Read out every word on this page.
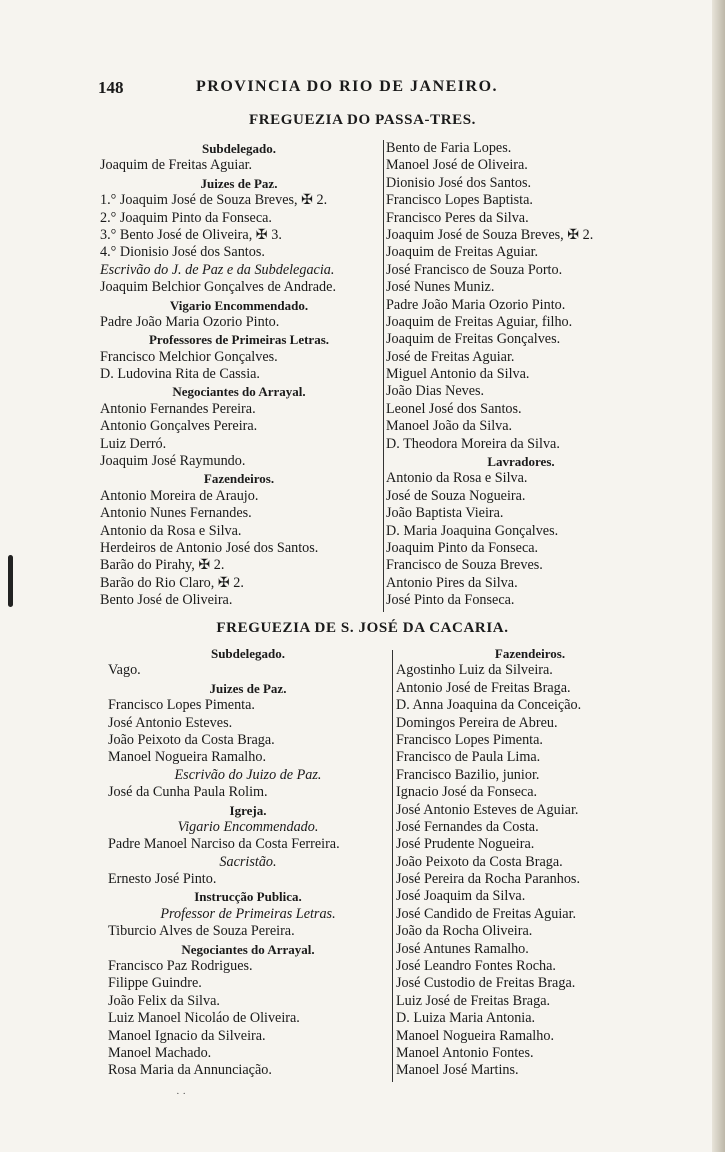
148	PROVINCIA DO RIO DE JANEIRO.
FREGUEZIA DO PASSA-TRES.
Subdelegado.
Joaquim de Freitas Aguiar.
Juizes de Paz.
1.° Joaquim José de Souza Breves, ✠ 2.
2.° Joaquim Pinto da Fonseca.
3.° Bento José de Oliveira, ✠ 3.
4.° Dionisio José dos Santos.
Escrivão do J. de Paz e da Subdelegacia.
Joaquim Belchior Gonçalves de Andrade.
Vigario Encommendado.
Padre João Maria Ozorio Pinto.
Professores de Primeiras Letras.
Francisco Melchior Gonçalves.
D. Ludovina Rita de Cassia.
Negociantes do Arrayal.
Antonio Fernandes Pereira.
Antonio Gonçalves Pereira.
Luiz Derró.
Joaquim José Raymundo.
Fazendeiros.
Antonio Moreira de Araujo.
Antonio Nunes Fernandes.
Antonio da Rosa e Silva.
Herdeiros de Antonio José dos Santos.
Barão do Pirahy, ✠ 2.
Barão do Rio Claro, ✠ 2.
Bento José de Oliveira.
Bento de Faria Lopes.
Manoel José de Oliveira.
Dionisio José dos Santos.
Francisco Lopes Baptista.
Francisco Peres da Silva.
Joaquim José de Souza Breves, ✠ 2.
Joaquim de Freitas Aguiar.
José Francisco de Souza Porto.
José Nunes Muniz.
Padre João Maria Ozorio Pinto.
Joaquim de Freitas Aguiar, filho.
Joaquim de Freitas Gonçalves.
José de Freitas Aguiar.
Miguel Antonio da Silva.
João Dias Neves.
Leonel José dos Santos.
Manoel João da Silva.
D. Theodora Moreira da Silva.
Lavradores.
Antonio da Rosa e Silva.
José de Souza Nogueira.
João Baptista Vieira.
D. Maria Joaquina Gonçalves.
Joaquim Pinto da Fonseca.
Francisco de Souza Breves.
Antonio Pires da Silva.
José Pinto da Fonseca.
FREGUEZIA DE S. JOSÉ DA CACARIA.
Subdelegado.
Vago.
Juizes de Paz.
Francisco Lopes Pimenta.
José Antonio Esteves.
João Peixoto da Costa Braga.
Manoel Nogueira Ramalho.
Escrivão do Juizo de Paz.
José da Cunha Paula Rolim.
Igreja.
Vigario Encommendado.
Padre Manoel Narciso da Costa Ferreira.
Sacristão.
Ernesto José Pinto.
Instrucção Publica.
Professor de Primeiras Letras.
Tiburcio Alves de Souza Pereira.
Negociantes do Arrayal.
Francisco Paz Rodrigues.
Filippe Guindre.
João Felix da Silva.
Luiz Manoel Nicoláo de Oliveira.
Manoel Ignacio da Silveira.
Manoel Machado.
Rosa Maria da Annunciação.
Fazendeiros.
Agostinho Luiz da Silveira.
Antonio José de Freitas Braga.
D. Anna Joaquina da Conceição.
Domingos Pereira de Abreu.
Francisco Lopes Pimenta.
Francisco de Paula Lima.
Francisco Bazilio, junior.
Ignacio José da Fonseca.
José Antonio Esteves de Aguiar.
José Fernandes da Costa.
José Prudente Nogueira.
João Peixoto da Costa Braga.
José Pereira da Rocha Paranhos.
José Joaquim da Silva.
José Candido de Freitas Aguiar.
João da Rocha Oliveira.
José Antunes Ramalho.
José Leandro Fontes Rocha.
José Custodio de Freitas Braga.
Luiz José de Freitas Braga.
D. Luiza Maria Antonia.
Manoel Nogueira Ramalho.
Manoel Antonio Fontes.
Manoel José Martins.
· ·
